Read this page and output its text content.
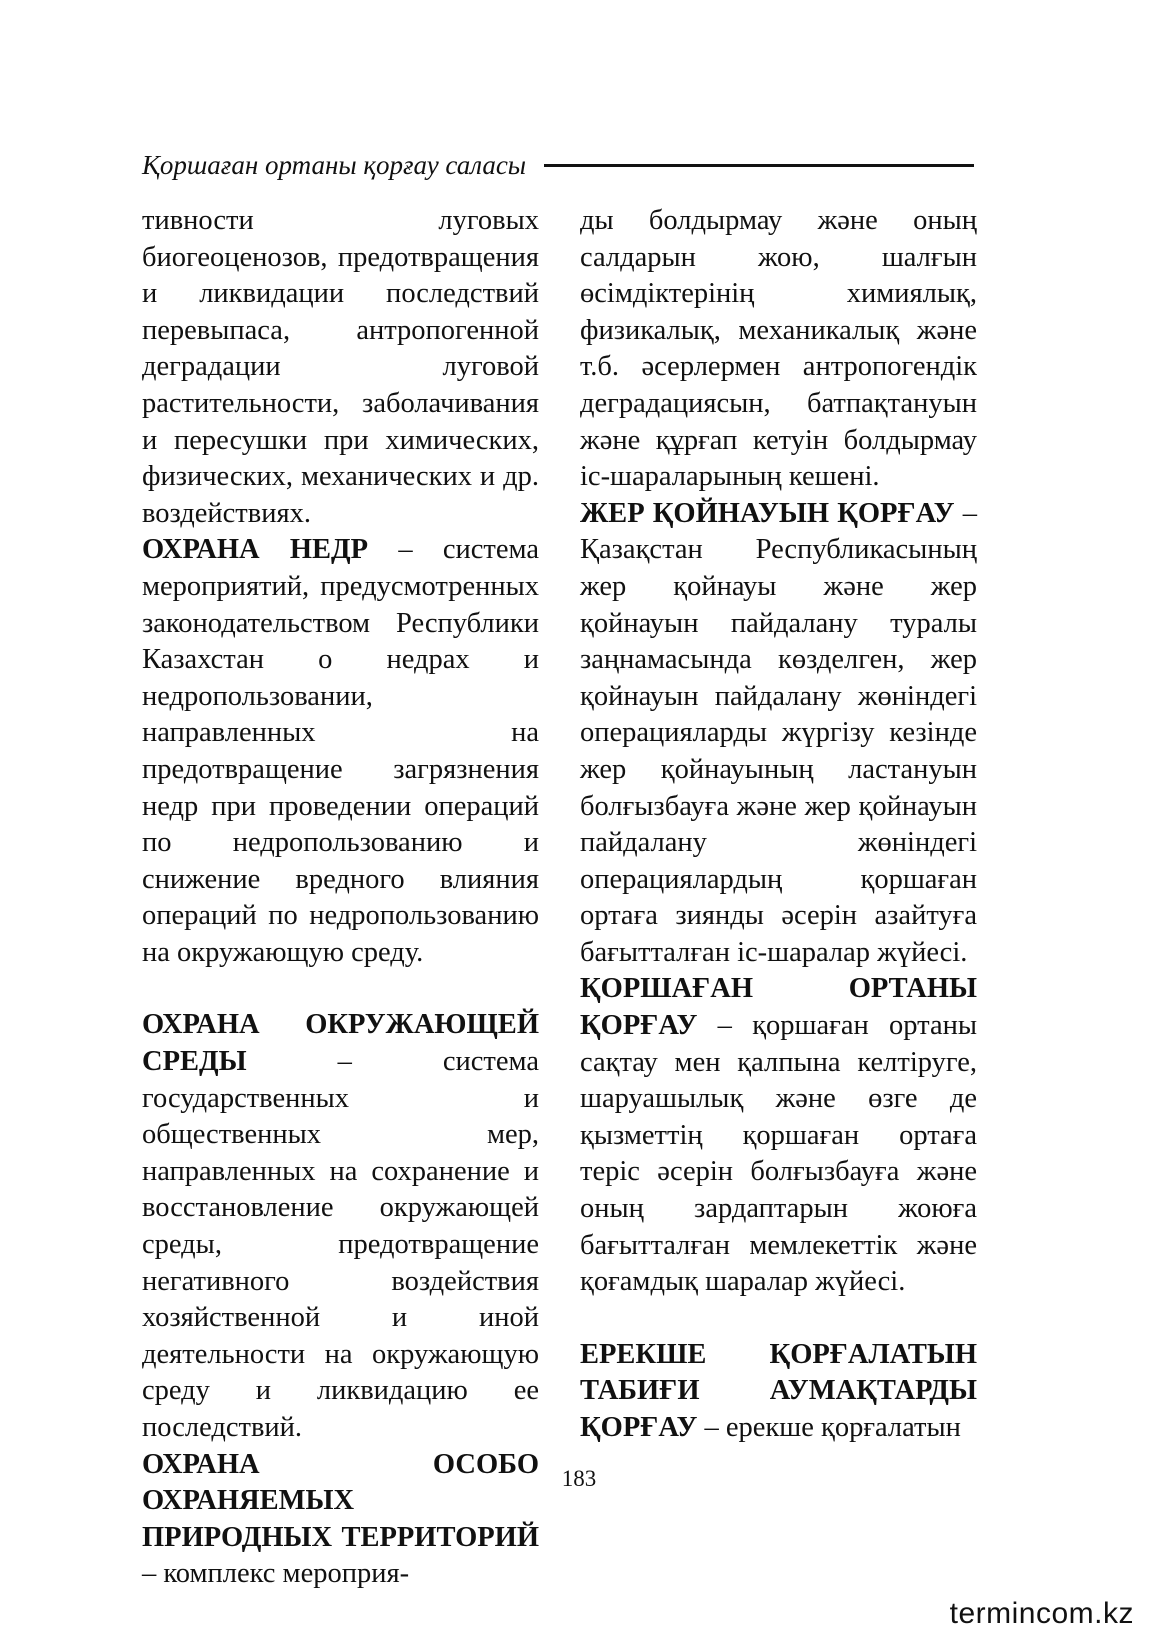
Қоршаған ортаны қорғау саласы

тивности луговых биогеоценозов, предотвращения и ликвидации последствий перевыпаса, антропогенной деградации луговой растительности, заболачивания и пересушки при химических, физических, механических и др. воздействиях.

ОХРАНА НЕДР – система мероприятий, предусмотренных законодательством Республики Казахстан о недрах и недропользовании, направленных на предотвращение загрязнения недр при проведении операций по недропользованию и снижение вредного влияния операций по недропользованию на окружающую среду.

ОХРАНА ОКРУЖАЮЩЕЙ СРЕДЫ – система государственных и общественных мер, направленных на сохранение и восстановление окружающей среды, предотвращение негативного воздействия хозяйственной и иной деятельности на окружающую среду и ликвидацию ее последствий.

ОХРАНА ОСОБО ОХРАНЯЕМЫХ ПРИРОДНЫХ ТЕРРИТОРИЙ – комплекс мероприя-

ды болдырмау және оның салдарын жою, шалғын өсімдіктерінің химиялық, физикалық, механикалық және т.б. әсерлермен антропогендік деградациясын, батпақтануын және құрғап кетуін болдырмау іс-шараларының кешені.

ЖЕР ҚОЙНАУЫН ҚОРҒАУ – Қазақстан Республикасының жер қойнауы және жер қойнауын пайдалану туралы заңнамасында көзделген, жер қойнауын пайдалану жөніндегі операцияларды жүргізу кезінде жер қойнауының ластануын болғызбауға және жер қойнауын пайдалану жөніндегі операциялардың қоршаған ортаға зиянды әсерін азайтуға бағытталған іс-шаралар жүйесі.

ҚОРШАҒАН ОРТАНЫ ҚОРҒАУ – қоршаған ортаны сақтау мен қалпына келтіруге, шаруашылық және өзге де қызметтің қоршаған ортаға теріс әсерін болғызбауға және оның зардаптарын жоюға бағытталған мемлекеттік және қоғамдық шаралар жүйесі.

ЕРЕКШЕ ҚОРҒАЛАТЫН ТАБИҒИ АУМАҚТАРДЫ ҚОРҒАУ – ерекше қорғалатын

183
termincom.kz
